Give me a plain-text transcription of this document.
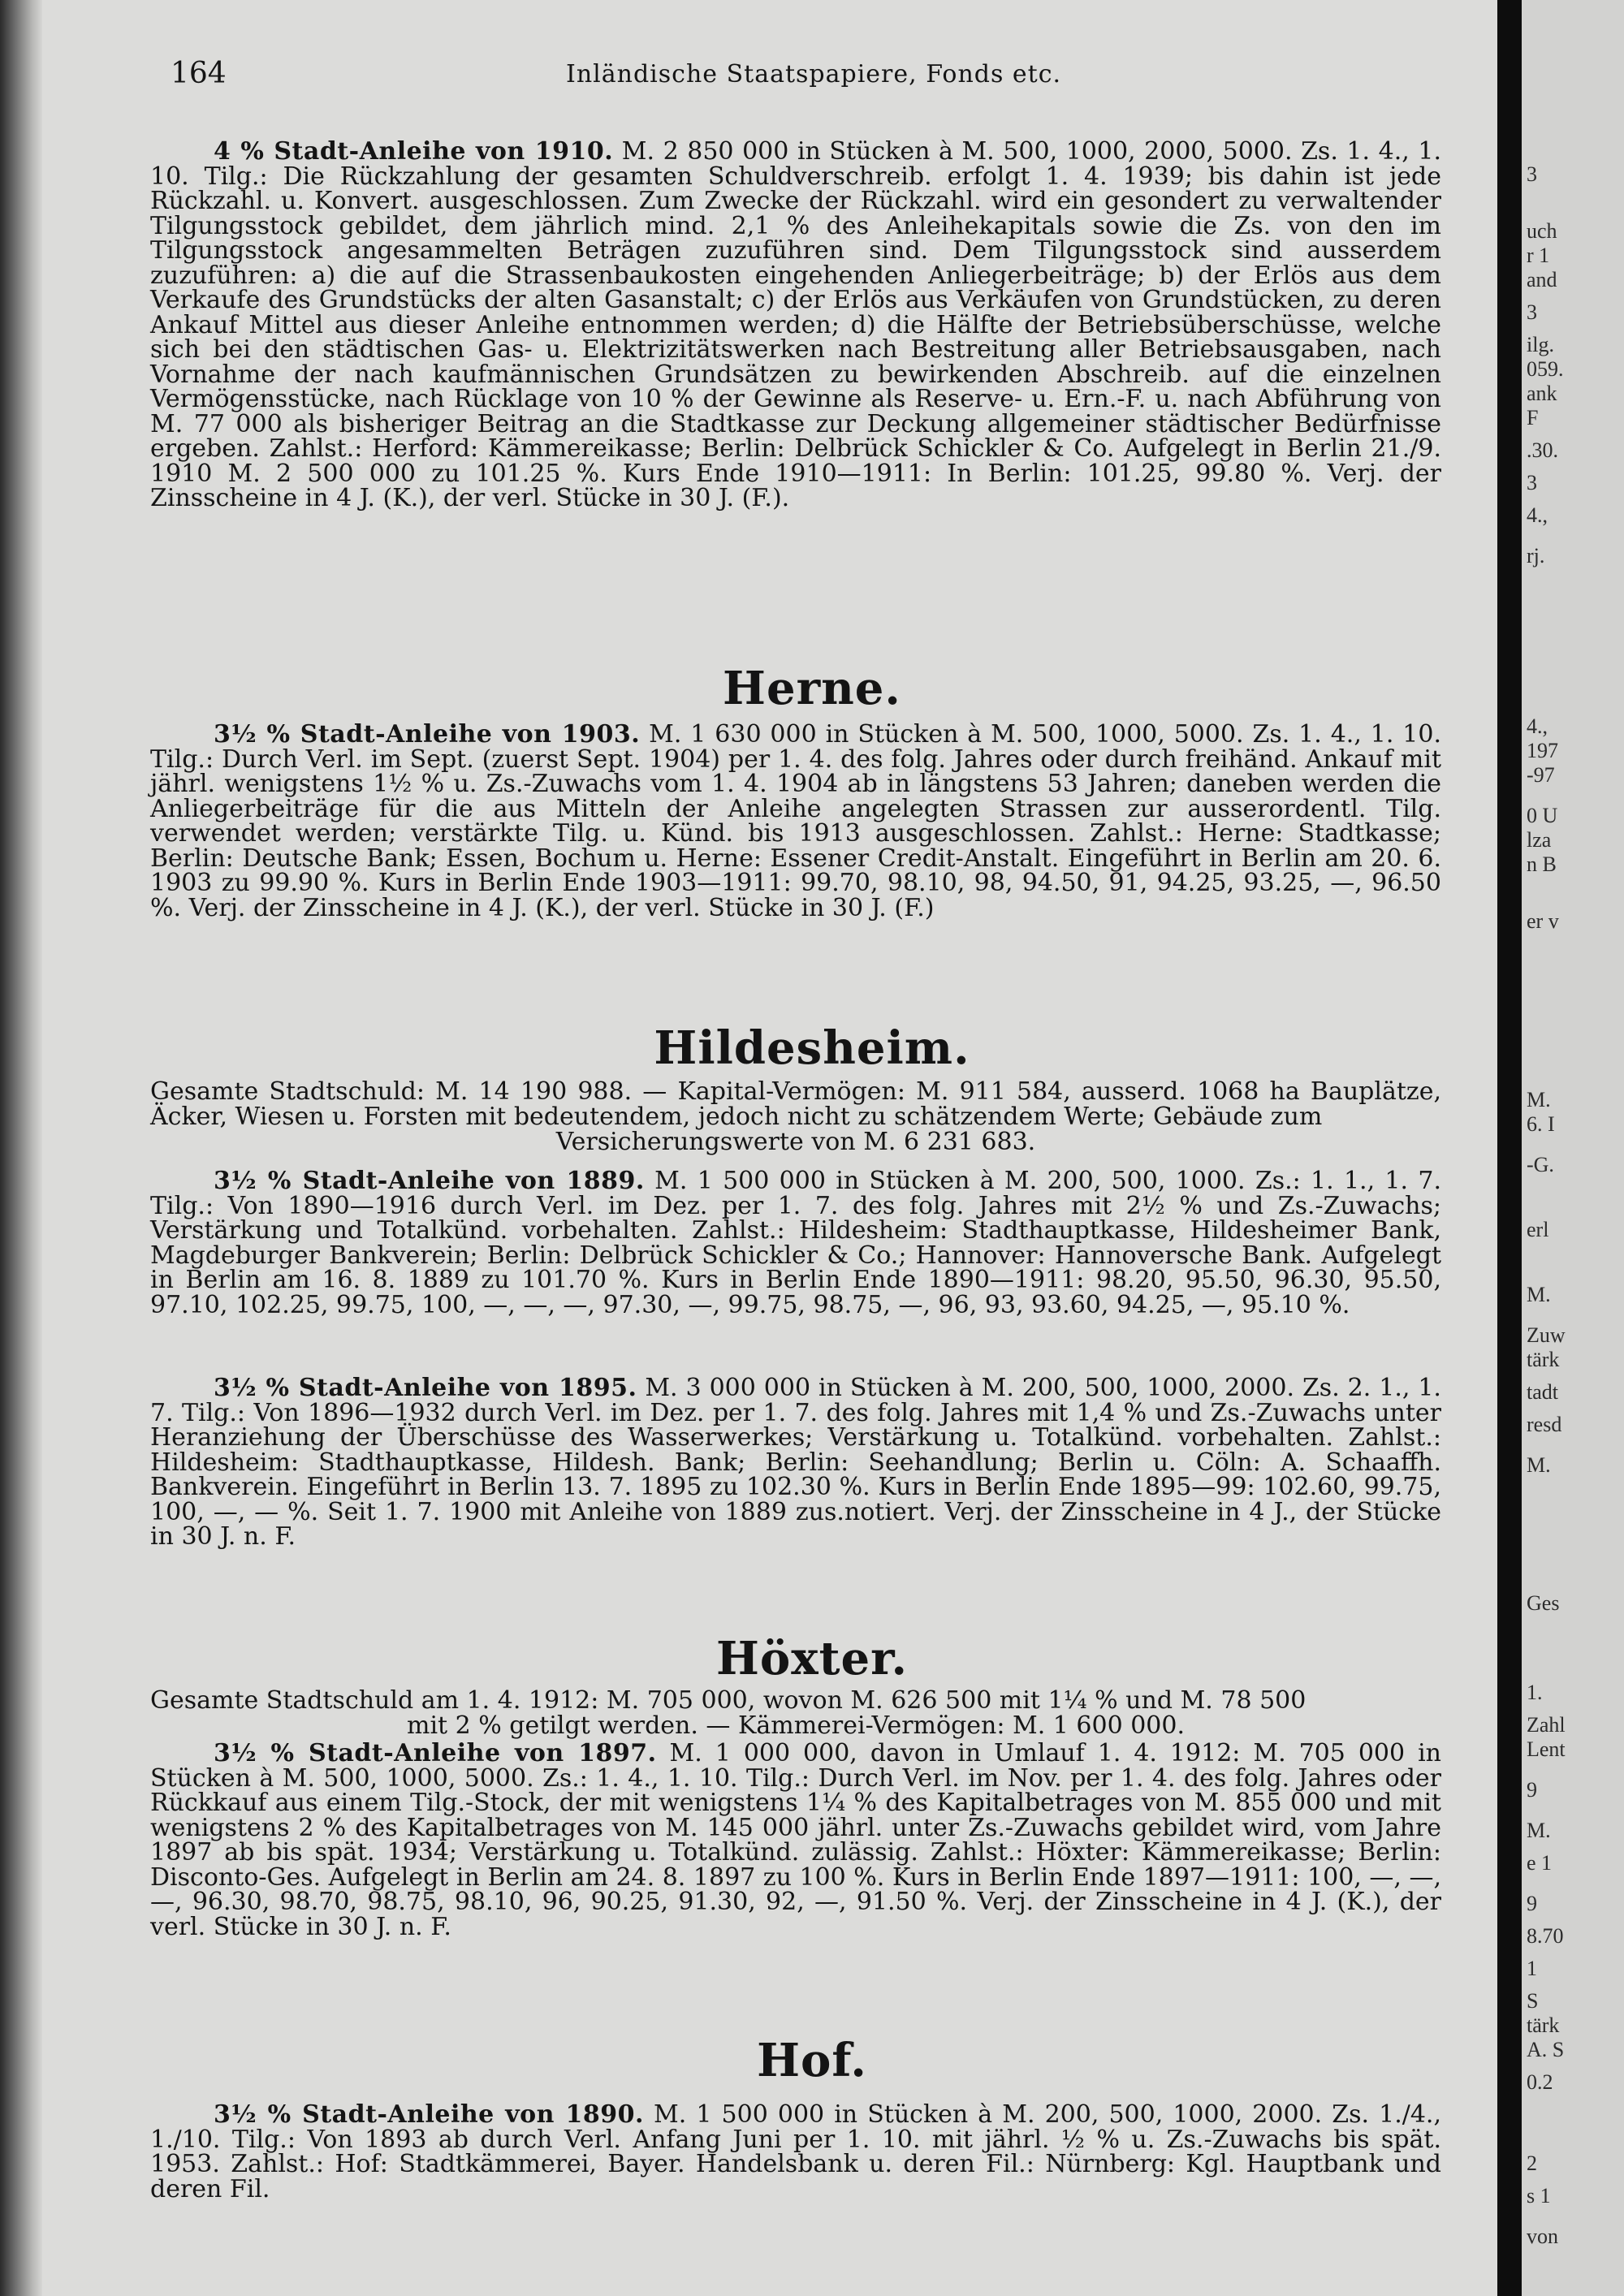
3
uch
r 1
and
3
ilg.
059.
ank
F
.30.
3
4.,
rj.
4.,
197
-97
0 U
lza
n B
er v
M.
6. I
-G.
erl
M.
Zuw
tärk
tadt
resd
M.
Ges
1.
Zahl
Lent
9
M.
e 1
9
8.70
1
S
tärk
A. S
0.2
2
s 1
von
164	Inländische Staatspapiere, Fonds etc.
4 % Stadt-Anleihe von 1910. M. 2 850 000 in Stücken à M. 500, 1000, 2000, 5000. Zs. 1. 4., 1. 10. Tilg.: Die Rückzahlung der gesamten Schuldverschreib. erfolgt 1. 4. 1939; bis dahin ist jede Rückzahl. u. Konvert. ausgeschlossen. Zum Zwecke der Rückzahl. wird ein gesondert zu verwaltender Tilgungsstock gebildet, dem jährlich mind. 2,1 % des Anleihekapitals sowie die Zs. von den im Tilgungsstock angesammelten Beträgen zuzuführen sind. Dem Tilgungsstock sind ausserdem zuzuführen: a) die auf die Strassenbaukosten eingehenden Anliegerbeiträge; b) der Erlös aus dem Verkaufe des Grundstücks der alten Gasanstalt; c) der Erlös aus Verkäufen von Grundstücken, zu deren Ankauf Mittel aus dieser Anleihe entnommen werden; d) die Hälfte der Betriebsüberschüsse, welche sich bei den städtischen Gas- u. Elektrizitätswerken nach Bestreitung aller Betriebsausgaben, nach Vornahme der nach kaufmännischen Grundsätzen zu bewirkenden Abschreib. auf die einzelnen Vermögensstücke, nach Rücklage von 10 % der Gewinne als Reserve- u. Ern.-F. u. nach Abführung von M. 77 000 als bisheriger Beitrag an die Stadtkasse zur Deckung allgemeiner städtischer Bedürfnisse ergeben. Zahlst.: Herford: Kämmereikasse; Berlin: Delbrück Schickler & Co. Aufgelegt in Berlin 21./9. 1910 M. 2 500 000 zu 101.25 %. Kurs Ende 1910—1911: In Berlin: 101.25, 99.80 %. Verj. der Zinsscheine in 4 J. (K.), der verl. Stücke in 30 J. (F.).
Herne.
3½ % Stadt-Anleihe von 1903. M. 1 630 000 in Stücken à M. 500, 1000, 5000. Zs. 1. 4., 1. 10. Tilg.: Durch Verl. im Sept. (zuerst Sept. 1904) per 1. 4. des folg. Jahres oder durch freihänd. Ankauf mit jährl. wenigstens 1½ % u. Zs.-Zuwachs vom 1. 4. 1904 ab in längstens 53 Jahren; daneben werden die Anliegerbeiträge für die aus Mitteln der Anleihe angelegten Strassen zur ausserordentl. Tilg. verwendet werden; verstärkte Tilg. u. Künd. bis 1913 ausgeschlossen. Zahlst.: Herne: Stadtkasse; Berlin: Deutsche Bank; Essen, Bochum u. Herne: Essener Credit-Anstalt. Eingeführt in Berlin am 20. 6. 1903 zu 99.90 %. Kurs in Berlin Ende 1903—1911: 99.70, 98.10, 98, 94.50, 91, 94.25, 93.25, —, 96.50 %. Verj. der Zinsscheine in 4 J. (K.), der verl. Stücke in 30 J. (F.)
Hildesheim.
Gesamte Stadtschuld: M. 14 190 988. — Kapital-Vermögen: M. 911 584, ausserd. 1068 ha Bauplätze, Äcker, Wiesen u. Forsten mit bedeutendem, jedoch nicht zu schätzendem Werte; Gebäude zum
Versicherungswerte von M. 6 231 683.
3½ % Stadt-Anleihe von 1889. M. 1 500 000 in Stücken à M. 200, 500, 1000. Zs.: 1. 1., 1. 7. Tilg.: Von 1890—1916 durch Verl. im Dez. per 1. 7. des folg. Jahres mit 2½ % und Zs.-Zuwachs; Verstärkung und Totalkünd. vorbehalten. Zahlst.: Hildesheim: Stadthauptkasse, Hildesheimer Bank, Magdeburger Bankverein; Berlin: Delbrück Schickler & Co.; Hannover: Hannoversche Bank. Aufgelegt in Berlin am 16. 8. 1889 zu 101.70 %. Kurs in Berlin Ende 1890—1911: 98.20, 95.50, 96.30, 95.50, 97.10, 102.25, 99.75, 100, —, —, —, 97.30, —, 99.75, 98.75, —, 96, 93, 93.60, 94.25, —, 95.10 %.
3½ % Stadt-Anleihe von 1895. M. 3 000 000 in Stücken à M. 200, 500, 1000, 2000. Zs. 2. 1., 1. 7. Tilg.: Von 1896—1932 durch Verl. im Dez. per 1. 7. des folg. Jahres mit 1,4 % und Zs.-Zuwachs unter Heranziehung der Überschüsse des Wasserwerkes; Verstärkung u. Totalkünd. vorbehalten. Zahlst.: Hildesheim: Stadthauptkasse, Hildesh. Bank; Berlin: Seehandlung; Berlin u. Cöln: A. Schaaffh. Bankverein. Eingeführt in Berlin 13. 7. 1895 zu 102.30 %. Kurs in Berlin Ende 1895—99: 102.60, 99.75, 100, —, — %. Seit 1. 7. 1900 mit Anleihe von 1889 zus.notiert. Verj. der Zinsscheine in 4 J., der Stücke in 30 J. n. F.
Höxter.
Gesamte Stadtschuld am 1. 4. 1912: M. 705 000, wovon M. 626 500 mit 1¼ % und M. 78 500
mit 2 % getilgt werden. — Kämmerei-Vermögen: M. 1 600 000.
3½ % Stadt-Anleihe von 1897. M. 1 000 000, davon in Umlauf 1. 4. 1912: M. 705 000 in Stücken à M. 500, 1000, 5000. Zs.: 1. 4., 1. 10. Tilg.: Durch Verl. im Nov. per 1. 4. des folg. Jahres oder Rückkauf aus einem Tilg.-Stock, der mit wenigstens 1¼ % des Kapitalbetrages von M. 855 000 und mit wenigstens 2 % des Kapitalbetrages von M. 145 000 jährl. unter Zs.-Zuwachs gebildet wird, vom Jahre 1897 ab bis spät. 1934; Verstärkung u. Totalkünd. zulässig. Zahlst.: Höxter: Kämmereikasse; Berlin: Disconto-Ges. Aufgelegt in Berlin am 24. 8. 1897 zu 100 %. Kurs in Berlin Ende 1897—1911: 100, —, —, —, 96.30, 98.70, 98.75, 98.10, 96, 90.25, 91.30, 92, —, 91.50 %. Verj. der Zinsscheine in 4 J. (K.), der verl. Stücke in 30 J. n. F.
Hof.
3½ % Stadt-Anleihe von 1890. M. 1 500 000 in Stücken à M. 200, 500, 1000, 2000. Zs. 1./4., 1./10. Tilg.: Von 1893 ab durch Verl. Anfang Juni per 1. 10. mit jährl. ½ % u. Zs.-Zuwachs bis spät. 1953. Zahlst.: Hof: Stadtkämmerei, Bayer. Handelsbank u. deren Fil.: Nürnberg: Kgl. Hauptbank und deren Fil.
